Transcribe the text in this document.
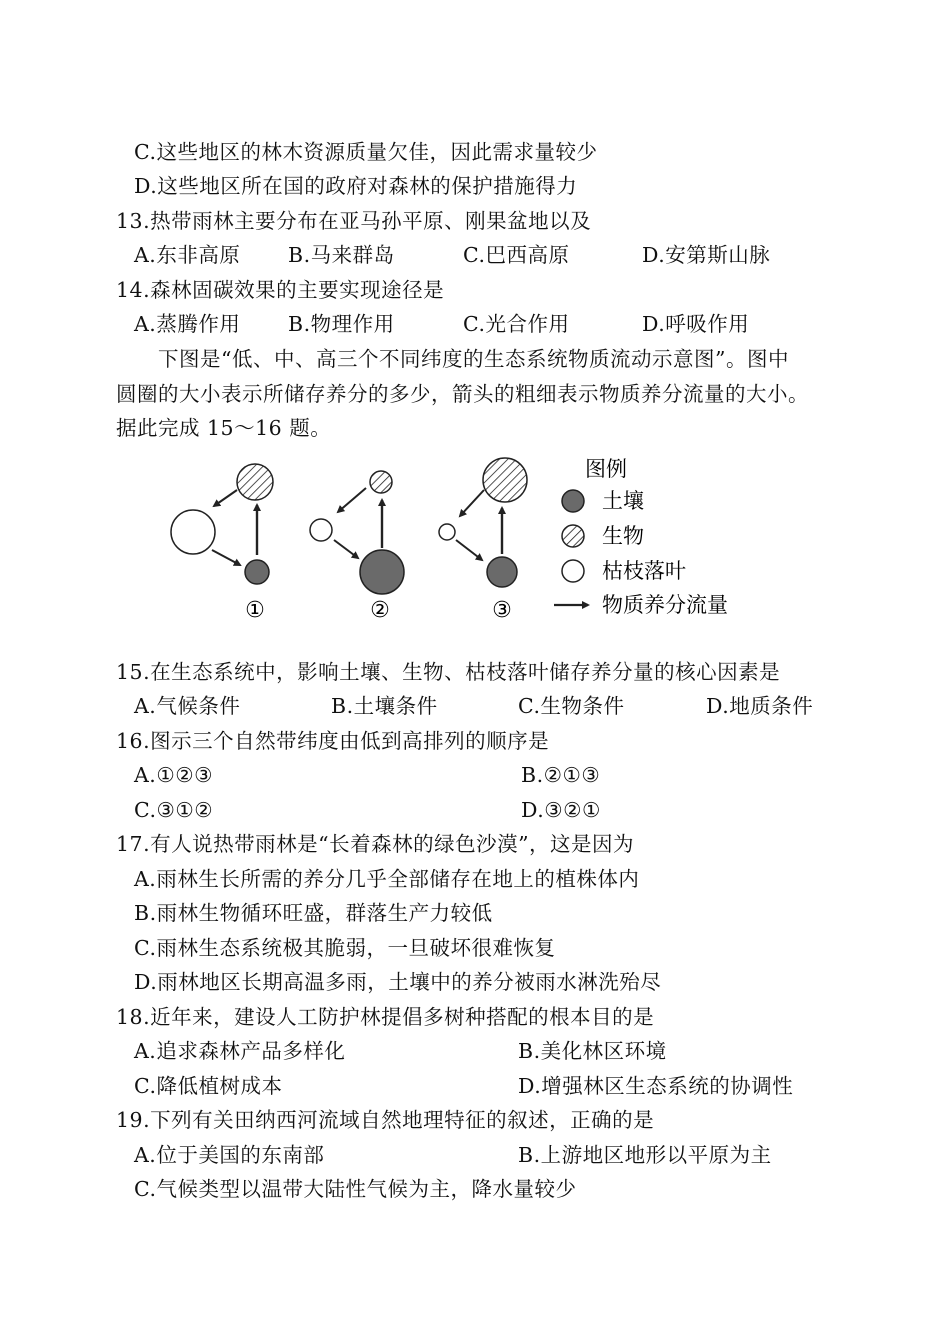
C.这些地区的林木资源质量欠佳，因此需求量较少
D.这些地区所在国的政府对森林的保护措施得力
13.热带雨林主要分布在亚马孙平原、刚果盆地以及
A.东非高原 B.马来群岛	C.巴西高原	D.安第斯山脉
14.森林固碳效果的主要实现途径是
A.蒸腾作用 B.物理作用	C.光合作用	D.呼吸作用
下图是“低、中、高三个不同纬度的生态系统物质流动示意图”。图中
圆圈的大小表示所储存养分的多少，箭头的粗细表示物质养分流量的大小。
据此完成 15～16 题。
①	②	③
图例
土壤
生物
枯枝落叶
物质养分流量
15.在生态系统中，影响土壤、生物、枯枝落叶储存养分量的核心因素是
A.气候条件	B.土壤条件	C.生物条件	D.地质条件
16.图示三个自然带纬度由低到高排列的顺序是
A.①②③	B.②①③
C.③①②	D.③②①
17.有人说热带雨林是“长着森林的绿色沙漠”，这是因为
A.雨林生长所需的养分几乎全部储存在地上的植株体内
B.雨林生物循环旺盛，群落生产力较低
C.雨林生态系统极其脆弱，一旦破坏很难恢复
D.雨林地区长期高温多雨，土壤中的养分被雨水淋洗殆尽
18.近年来，建设人工防护林提倡多树种搭配的根本目的是
A.追求森林产品多样化	B.美化林区环境
C.降低植树成本	D.增强林区生态系统的协调性
19.下列有关田纳西河流域自然地理特征的叙述，正确的是
A.位于美国的东南部	B.上游地区地形以平原为主
C.气候类型以温带大陆性气候为主，降水量较少
